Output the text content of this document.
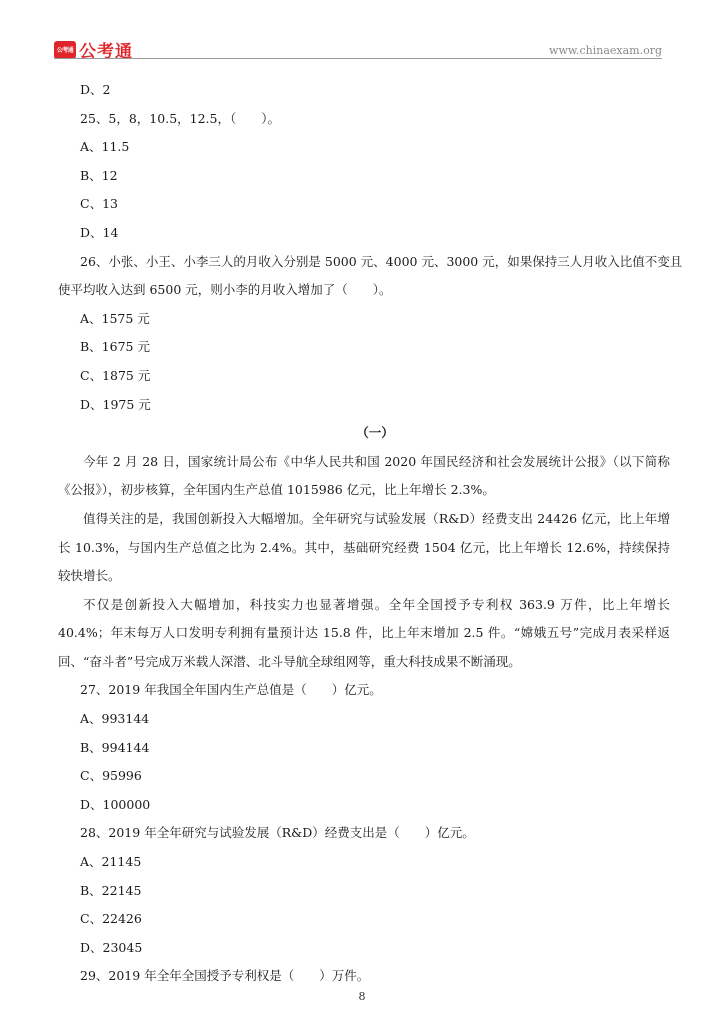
公考通 公考通	www.chinaexam.org
D、2
25、5，8，10.5，12.5，（　　）。
A、11.5
B、12
C、13
D、14
26、小张、小王、小李三人的月收入分别是 5000 元、4000 元、3000 元，如果保持三人月收入比值不变且
使平均收入达到 6500 元，则小李的月收入增加了（　　）。
A、1575 元
B、1675 元
C、1875 元
D、1975 元
（一）
今年 2 月 28 日，国家统计局公布《中华人民共和国 2020 年国民经济和社会发展统计公报》（以下简称《公报》），初步核算，全年国内生产总值 1015986 亿元，比上年增长 2.3%。
值得关注的是，我国创新投入大幅增加。全年研究与试验发展（R&D）经费支出 24426 亿元，比上年增长 10.3%，与国内生产总值之比为 2.4%。其中，基础研究经费 1504 亿元，比上年增长 12.6%，持续保持较快增长。
不仅是创新投入大幅增加，科技实力也显著增强。全年全国授予专利权 363.9 万件，比上年增长 40.4%；年末每万人口发明专利拥有量预计达 15.8 件，比上年末增加 2.5 件。“嫦娥五号”完成月表采样返回、“奋斗者”号完成万米载人深潜、北斗导航全球组网等，重大科技成果不断涌现。
27、2019 年我国全年国内生产总值是（　　）亿元。
A、993144
B、994144
C、95996
D、100000
28、2019 年全年研究与试验发展（R&D）经费支出是（　　）亿元。
A、21145
B、22145
C、22426
D、23045
29、2019 年全年全国授予专利权是（　　）万件。
8
